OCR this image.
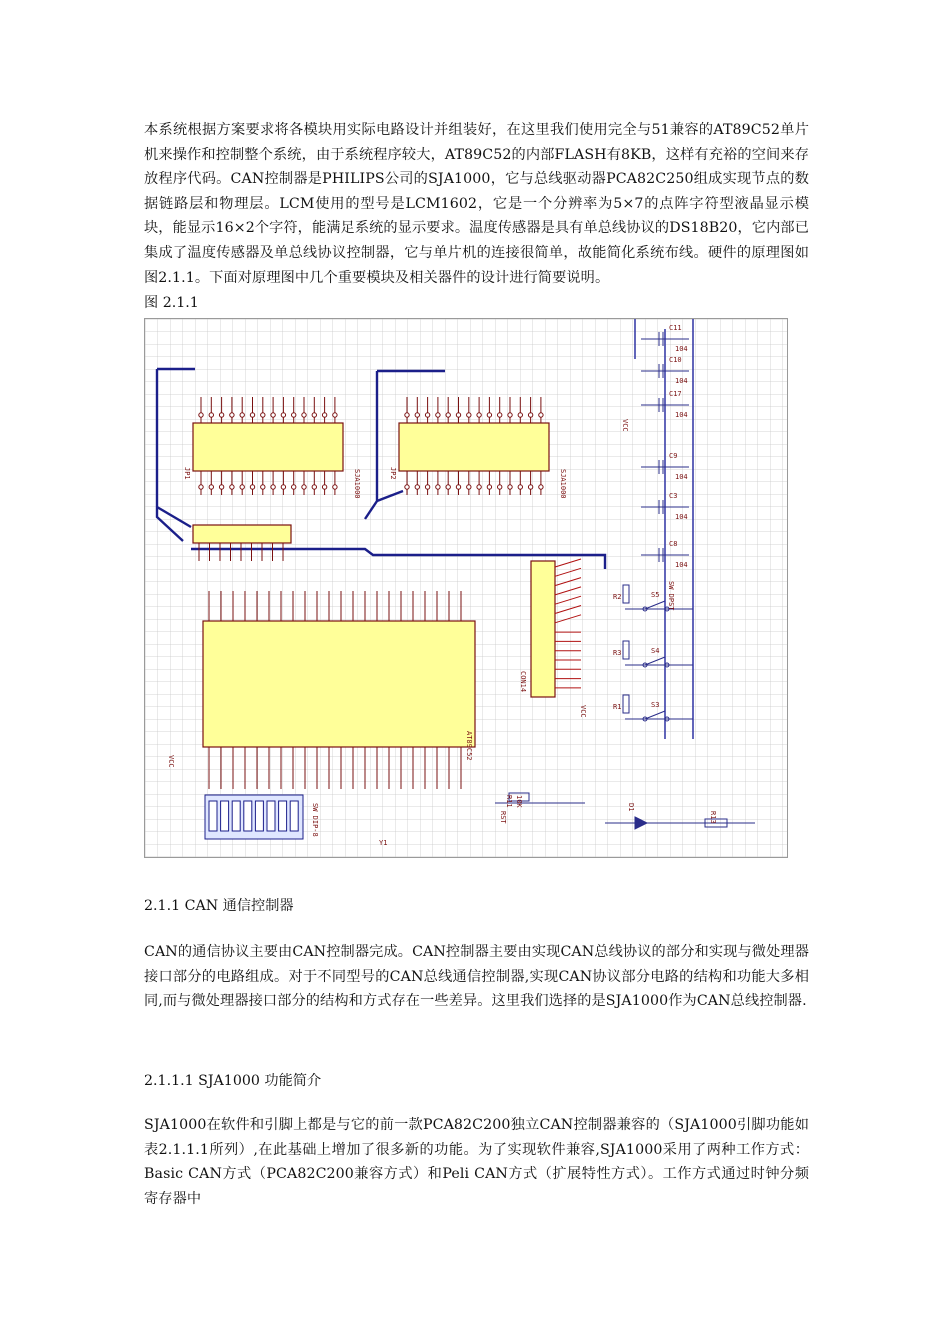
本系统根据方案要求将各模块用实际电路设计并组装好，在这里我们使用完全与51兼容的AT89C52单片机来操作和控制整个系统，由于系统程序较大，AT89C52的内部FLASH有8KB，这样有充裕的空间来存放程序代码。CAN控制器是PHILIPS公司的SJA1000，它与总线驱动器PCA82C250组成实现节点的数据链路层和物理层。LCM使用的型号是LCM1602，它是一个分辨率为5×7的点阵字符型液晶显示模块，能显示16×2个字符，能满足系统的显示要求。温度传感器是具有单总线协议的DS18B20，它内部已集成了温度传感器及单总线协议控制器，它与单片机的连接很简单，故能简化系统布线。硬件的原理图如图2.1.1。下面对原理图中几个重要模块及相关器件的设计进行简要说明。

图 2.1.1

SJA1000	SJA1000
JP1	JP2
AT89C52
CON14
SW DIP-8
VCC
VCC
VCC
R11 10K
R13
D1
RST
Y1
SW DPST
C11
104
C10
104
C17
104
C9
104
C3
104
C8
104
S5
R2
S4
R3
S3
R1

2.1.1 CAN 通信控制器

CAN的通信协议主要由CAN控制器完成。CAN控制器主要由实现CAN总线协议的部分和实现与微处理器接口部分的电路组成。对于不同型号的CAN总线通信控制器,实现CAN协议部分电路的结构和功能大多相同,而与微处理器接口部分的结构和方式存在一些差异。这里我们选择的是SJA1000作为CAN总线控制器.

2.1.1.1 SJA1000 功能简介

SJA1000在软件和引脚上都是与它的前一款PCA82C200独立CAN控制器兼容的（SJA1000引脚功能如表2.1.1.1所列）,在此基础上增加了很多新的功能。为了实现软件兼容,SJA1000采用了两种工作方式：Basic CAN方式（PCA82C200兼容方式）和Peli CAN方式（扩展特性方式）。工作方式通过时钟分频寄存器中
